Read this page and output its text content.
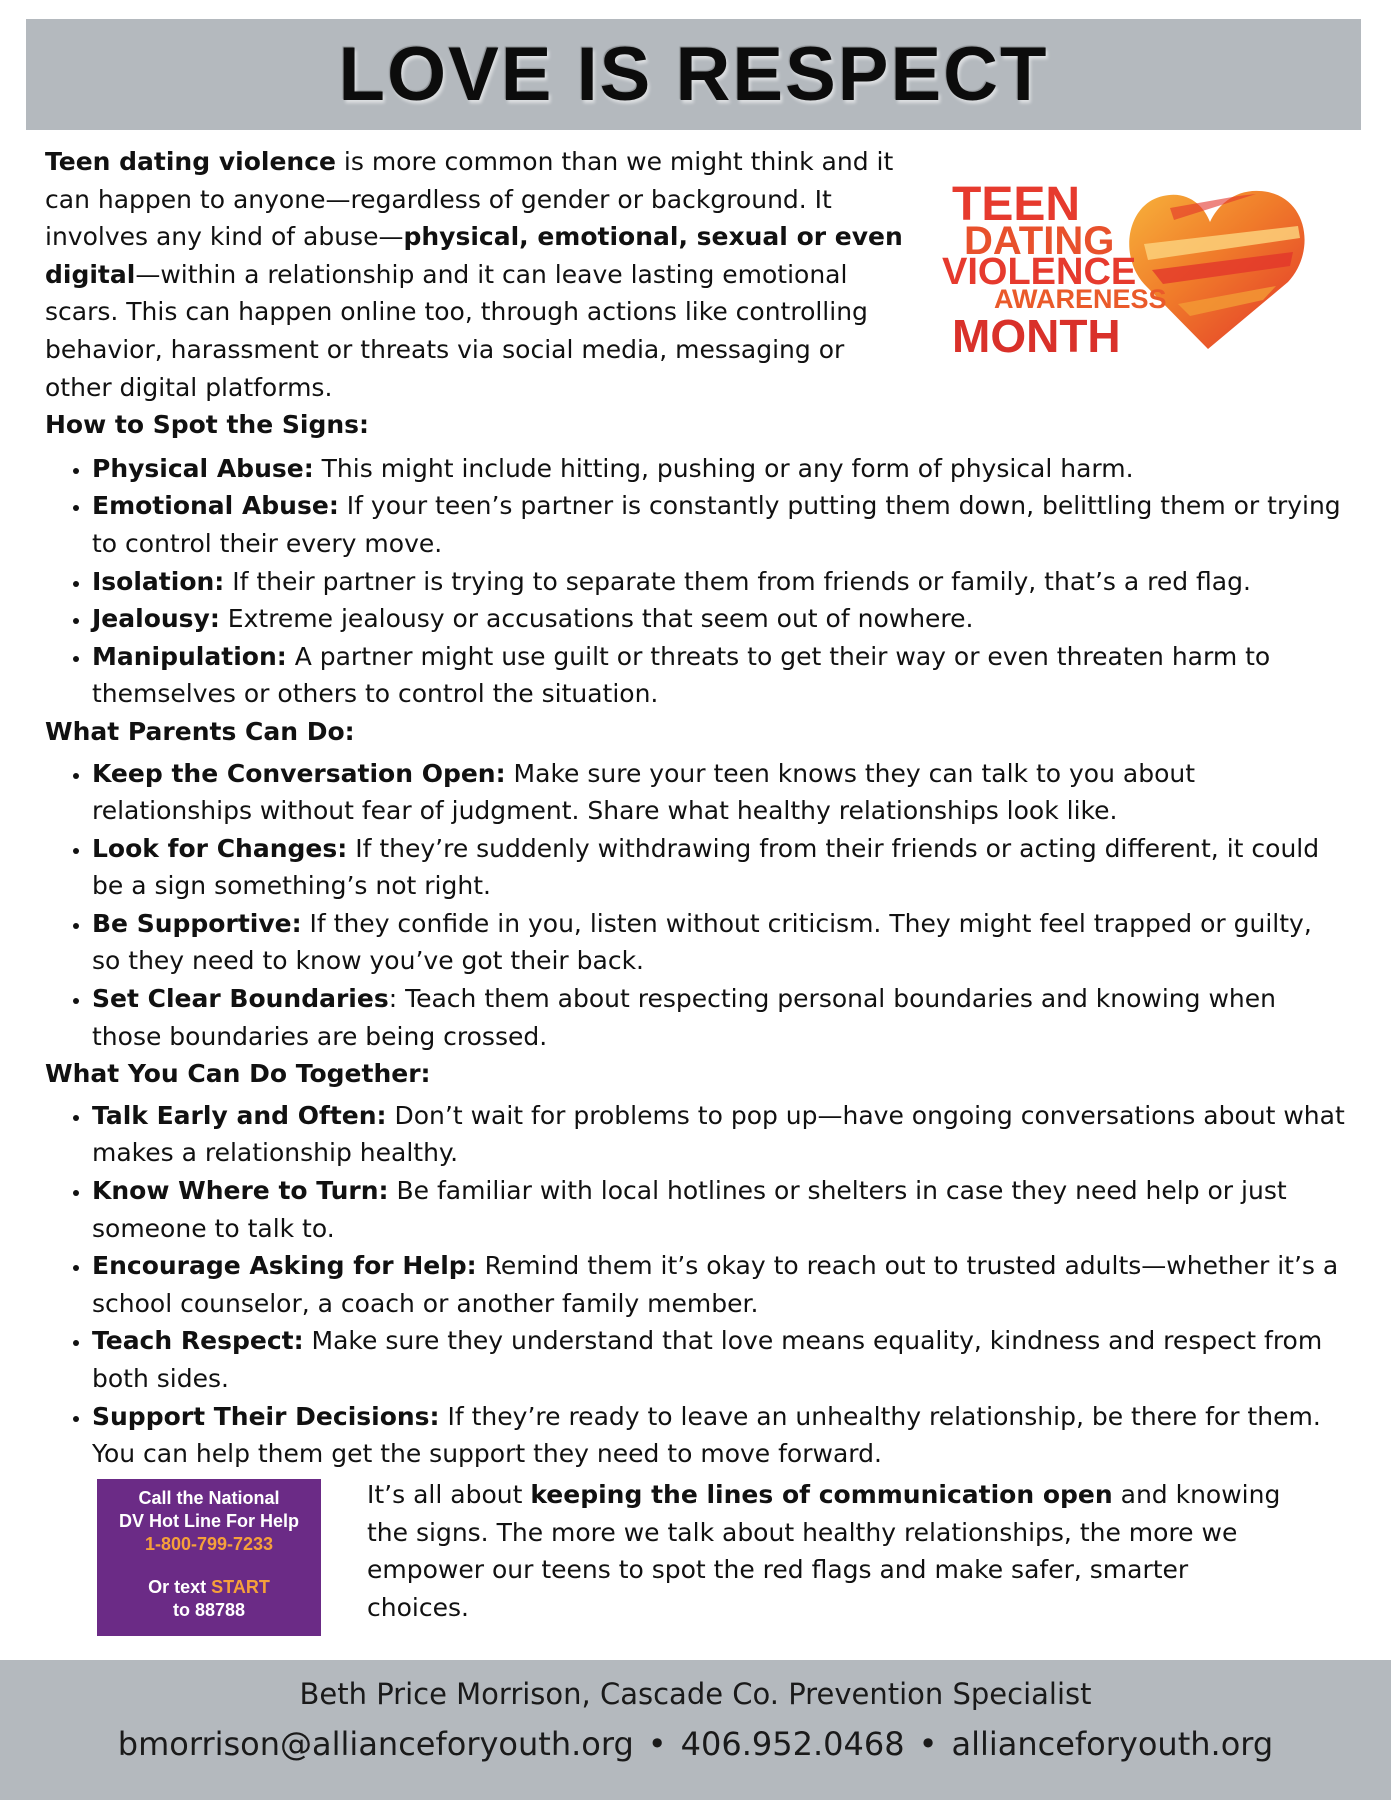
LOVE IS RESPECT
TEEN
DATING
VIOLENCE
AWARENESS
MONTH

Teen dating violence is more common than we might think and it can happen to anyone—regardless of gender or background. It involves any kind of abuse—physical, emotional, sexual or even digital—within a relationship and it can leave lasting emotional scars. This can happen online too, through actions like controlling behavior, harassment or threats via social media, messaging or other digital platforms.

How to Spot the Signs:

• Physical Abuse: This might include hitting, pushing or any form of physical harm.
• Emotional Abuse: If your teen’s partner is constantly putting them down, belittling them or trying to control their every move.
• Isolation: If their partner is trying to separate them from friends or family, that’s a red flag.
• Jealousy: Extreme jealousy or accusations that seem out of nowhere.
• Manipulation: A partner might use guilt or threats to get their way or even threaten harm to themselves or others to control the situation.

What Parents Can Do:

• Keep the Conversation Open: Make sure your teen knows they can talk to you about relationships without fear of judgment. Share what healthy relationships look like.
• Look for Changes: If they’re suddenly withdrawing from their friends or acting different, it could be a sign something’s not right.
• Be Supportive: If they confide in you, listen without criticism. They might feel trapped or guilty, so they need to know you’ve got their back.
• Set Clear Boundaries: Teach them about respecting personal boundaries and knowing when those boundaries are being crossed.

What You Can Do Together:

• Talk Early and Often: Don’t wait for problems to pop up—have ongoing conversations about what makes a relationship healthy.
• Know Where to Turn: Be familiar with local hotlines or shelters in case they need help or just someone to talk to.
• Encourage Asking for Help: Remind them it’s okay to reach out to trusted adults—whether it’s a school counselor, a coach or another family member.
• Teach Respect: Make sure they understand that love means equality, kindness and respect from both sides.
• Support Their Decisions: If they’re ready to leave an unhealthy relationship, be there for them. You can help them get the support they need to move forward.
Call the National
DV Hot Line For Help
1-800-799-7233
Or text START
to 88788

It’s all about keeping the lines of communication open and knowing the signs. The more we talk about healthy relationships, the more we empower our teens to spot the red flags and make safer, smarter choices.

Beth Price Morrison, Cascade Co. Prevention Specialist
bmorrison@allianceforyouth.org • 406.952.0468 • allianceforyouth.org
